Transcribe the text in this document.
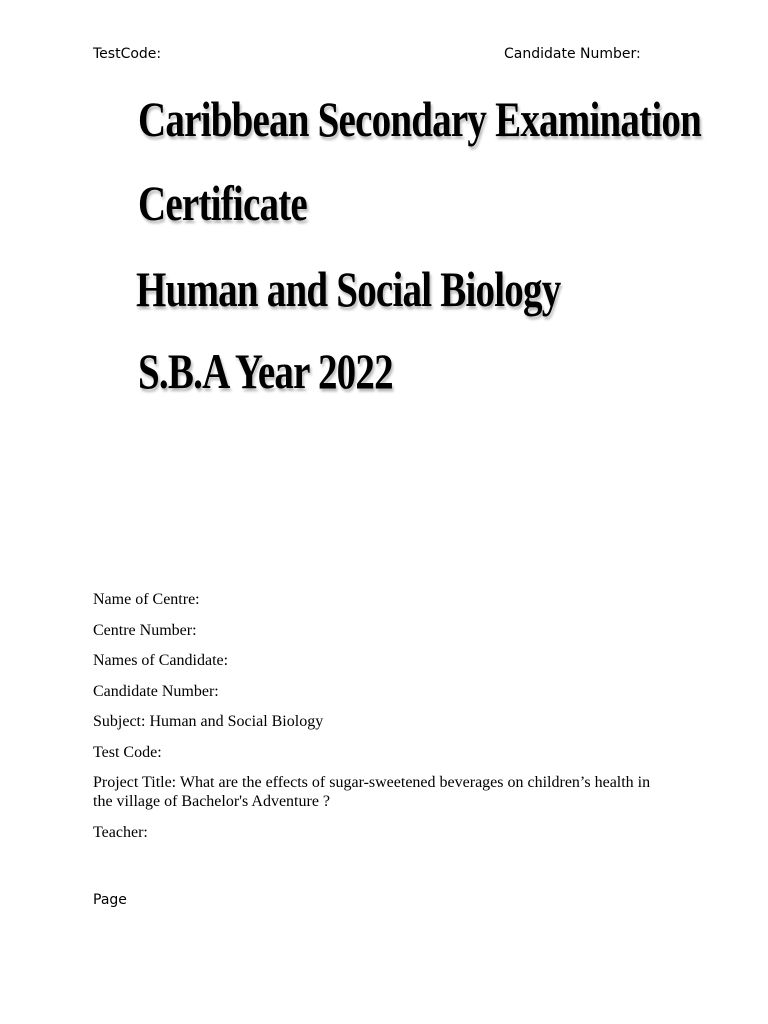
TestCode:	Candidate Number:
Caribbean Secondary Examination
Certificate
Human and Social Biology
S.B.A Year 2022

Name of Centre:

Centre Number:

Names of Candidate:

Candidate Number:

Subject: Human and Social Biology

Test Code:

Project Title: What are the effects of sugar-sweetened beverages on children’s health in the village of Bachelor's Adventure ?

Teacher:

Page
